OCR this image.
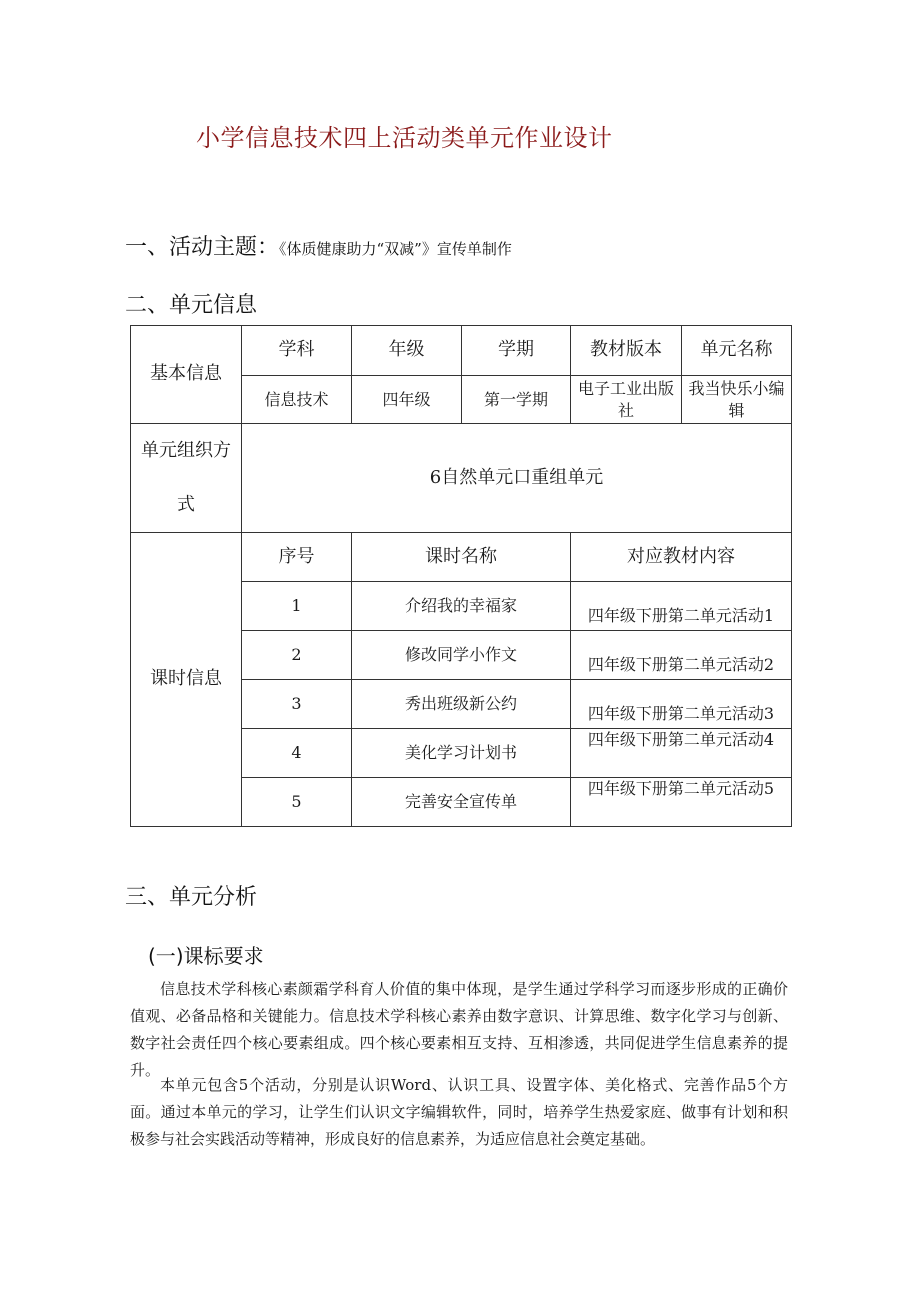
小学信息技术四上活动类单元作业设计
一、活动主题：《体质健康助力“双减”》宣传单制作
二、单元信息
基本信息	学科	年级	学期	教材版本	单元名称
	信息技术	四年级	第一学期	电子工业出版社	我当快乐小编辑
单元组织方式	6自然单元口重组单元				
课时信息	序号	课时名称		对应教材内容	
	1	介绍我的幸福家		四年级下册第二单元活动1	
	2	修改同学小作文		四年级下册第二单元活动2	
	3	秀出班级新公约		四年级下册第二单元活动3	
	4	美化学习计划书		四年级下册第二单元活动4	
	5	完善安全宣传单		四年级下册第二单元活动5	
三、单元分析
(一)课标要求

信息技术学科核心素颜霜学科育人价值的集中体现，是学生通过学科学习而逐步形成的正确价值观、必备品格和关键能力。信息技术学科核心素养由数字意识、计算思维、数字化学习与创新、数字社会责任四个核心要素组成。四个核心要素相互支持、互相渗透，共同促进学生信息素养的提升。

本单元包含5个活动，分别是认识Word、认识工具、设置字体、美化格式、完善作品5个方面。通过本单元的学习，让学生们认识文字编辑软件，同时，培养学生热爱家庭、做事有计划和积极参与社会实践活动等精神，形成良好的信息素养，为适应信息社会奠定基础。
